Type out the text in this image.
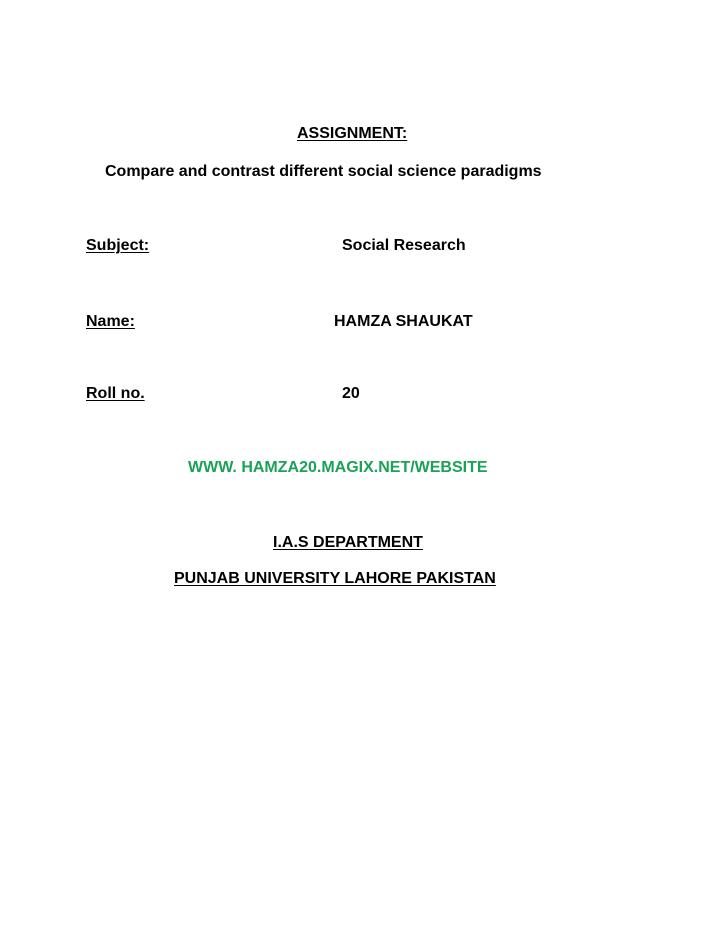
ASSIGNMENT:
Compare and contrast different social science paradigms
Subject:	Social Research
Name:	HAMZA SHAUKAT
Roll no.	20
WWW. HAMZA20.MAGIX.NET/WEBSITE
I.A.S DEPARTMENT
PUNJAB UNIVERSITY LAHORE PAKISTAN
